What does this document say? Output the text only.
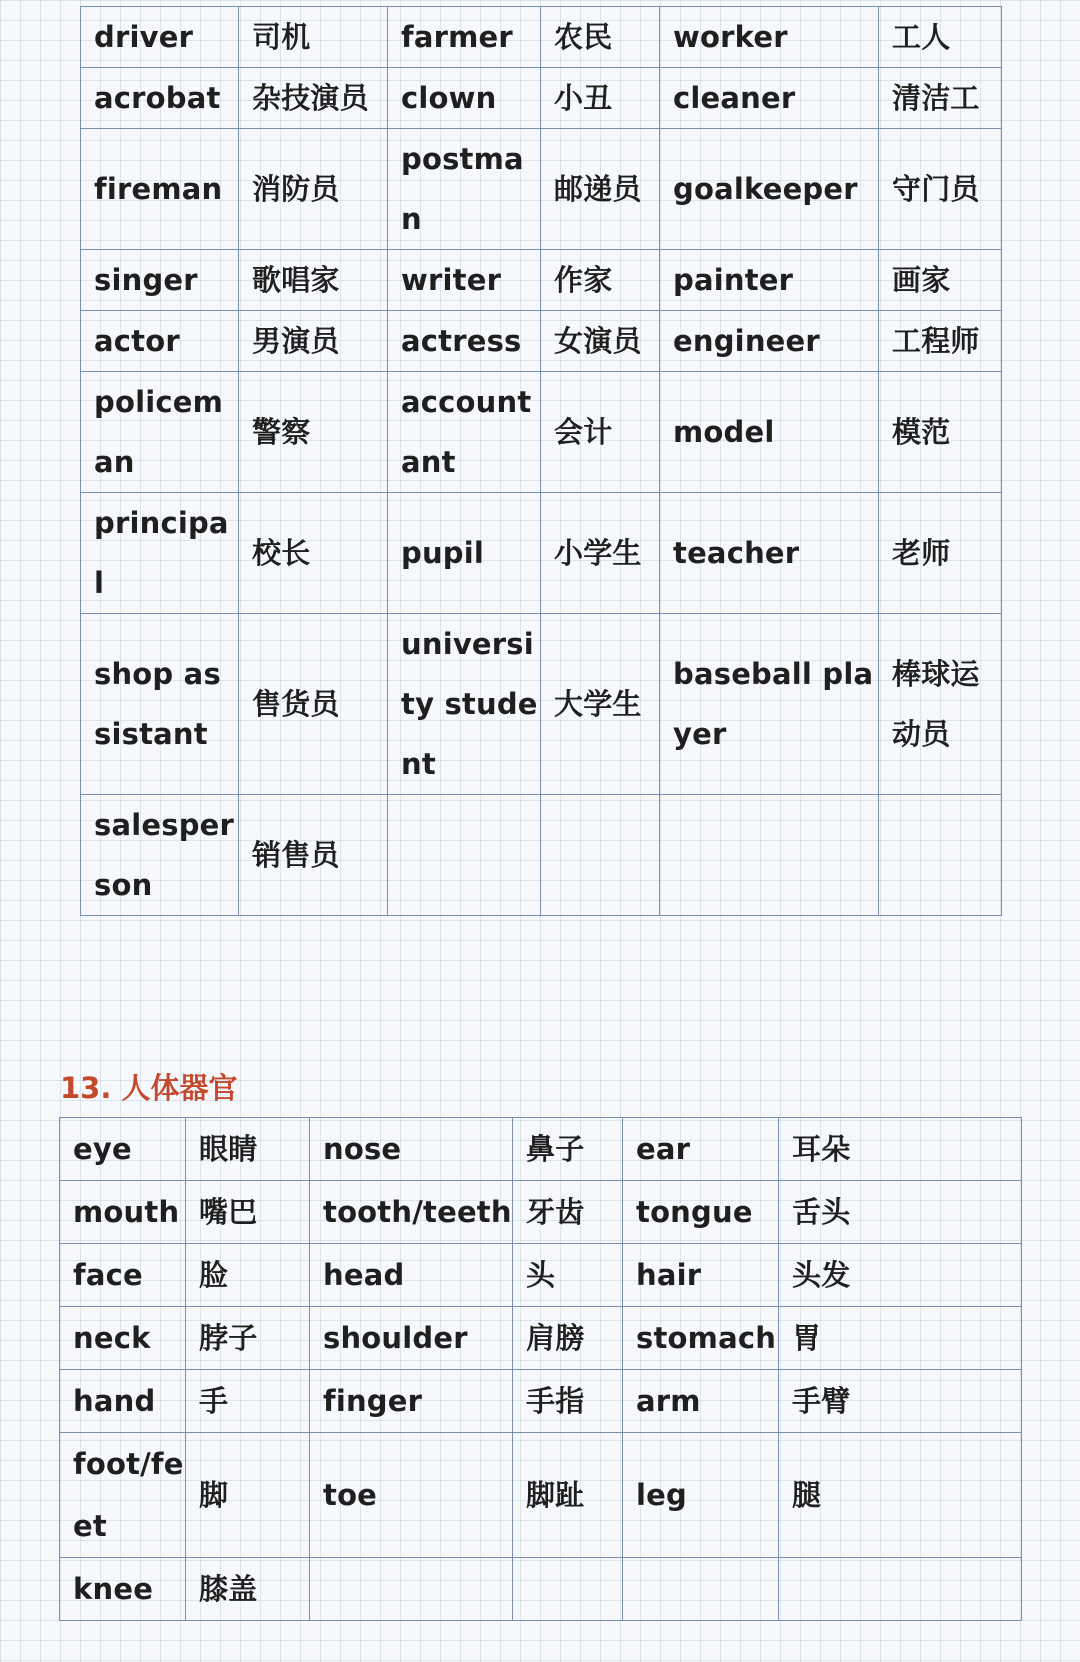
driver	司机	farmer	农民	worker	工人
acrobat	杂技演员	clown	小丑	cleaner	清洁工
fireman	消防员	postman	邮递员	goalkeeper	守门员
singer	歌唱家	writer	作家	painter	画家
actor	男演员	actress	女演员	engineer	工程师
policeman	警察	accountant	会计	model	模范
principal	校长	pupil	小学生	teacher	老师
shop assistant	售货员	university student	大学生	baseball player	棒球运动员
salesperson	销售员				
13. 人体器官
eye	眼睛	nose	鼻子	ear	耳朵
mouth	嘴巴	tooth/teeth	牙齿	tongue	舌头
face	脸	head	头	hair	头发
neck	脖子	shoulder	肩膀	stomach	胃
hand	手	finger	手指	arm	手臂
foot/feet	脚	toe	脚趾	leg	腿
knee	膝盖				
